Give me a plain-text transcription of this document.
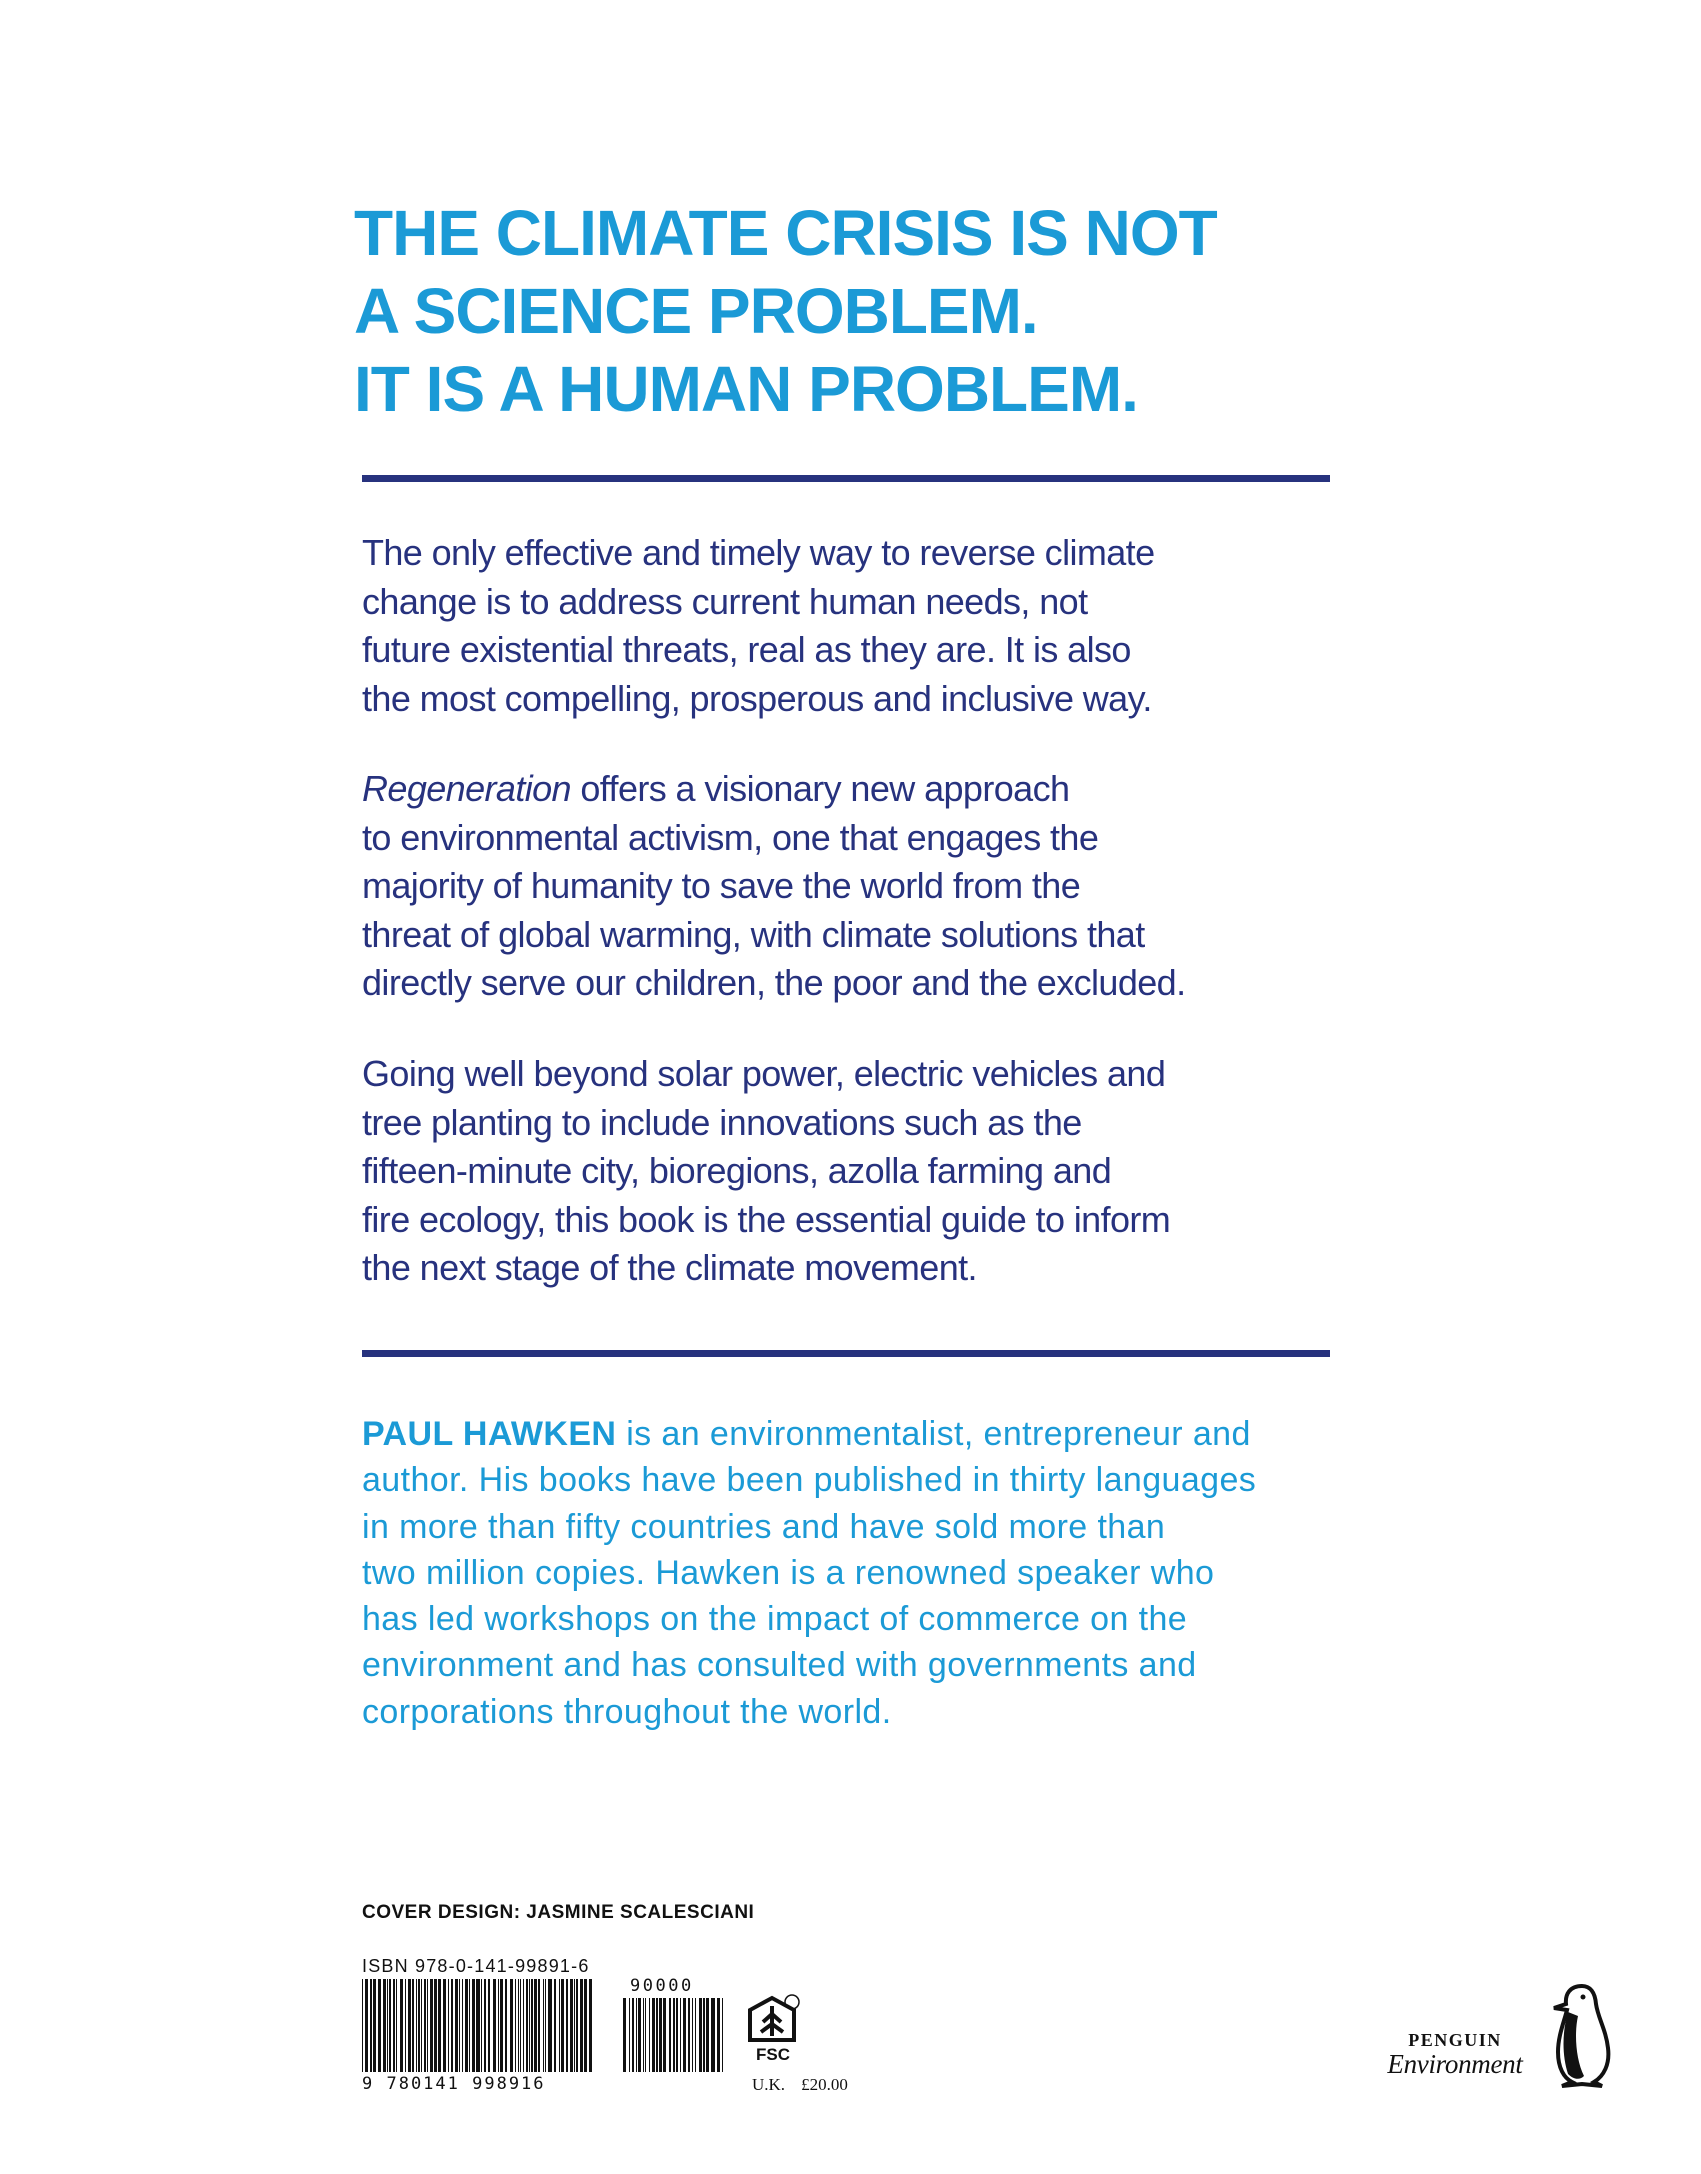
THE CLIMATE CRISIS IS NOT
A SCIENCE PROBLEM.
IT IS A HUMAN PROBLEM.
The only effective and timely way to reverse climate
change is to address current human needs, not
future existential threats, real as they are. It is also
the most compelling, prosperous and inclusive way.
Regeneration offers a visionary new approach
to environmental activism, one that engages the
majority of humanity to save the world from the
threat of global warming, with climate solutions that
directly serve our children, the poor and the excluded.
Going well beyond solar power, electric vehicles and
tree planting to include innovations such as the
fifteen-minute city, bioregions, azolla farming and
fire ecology, this book is the essential guide to inform
the next stage of the climate movement.
PAUL HAWKEN is an environmentalist, entrepreneur and
author. His books have been published in thirty languages
in more than fifty countries and have sold more than
two million copies. Hawken is a renowned speaker who
has led workshops on the impact of commerce on the
environment and has consulted with governments and
corporations throughout the world.
COVER DESIGN: JASMINE SCALESCIANI
ISBN 978-0-141-99891-6
9 780141 998916
90000
FSC
U.K. £20.00
PENGUIN
Environment
